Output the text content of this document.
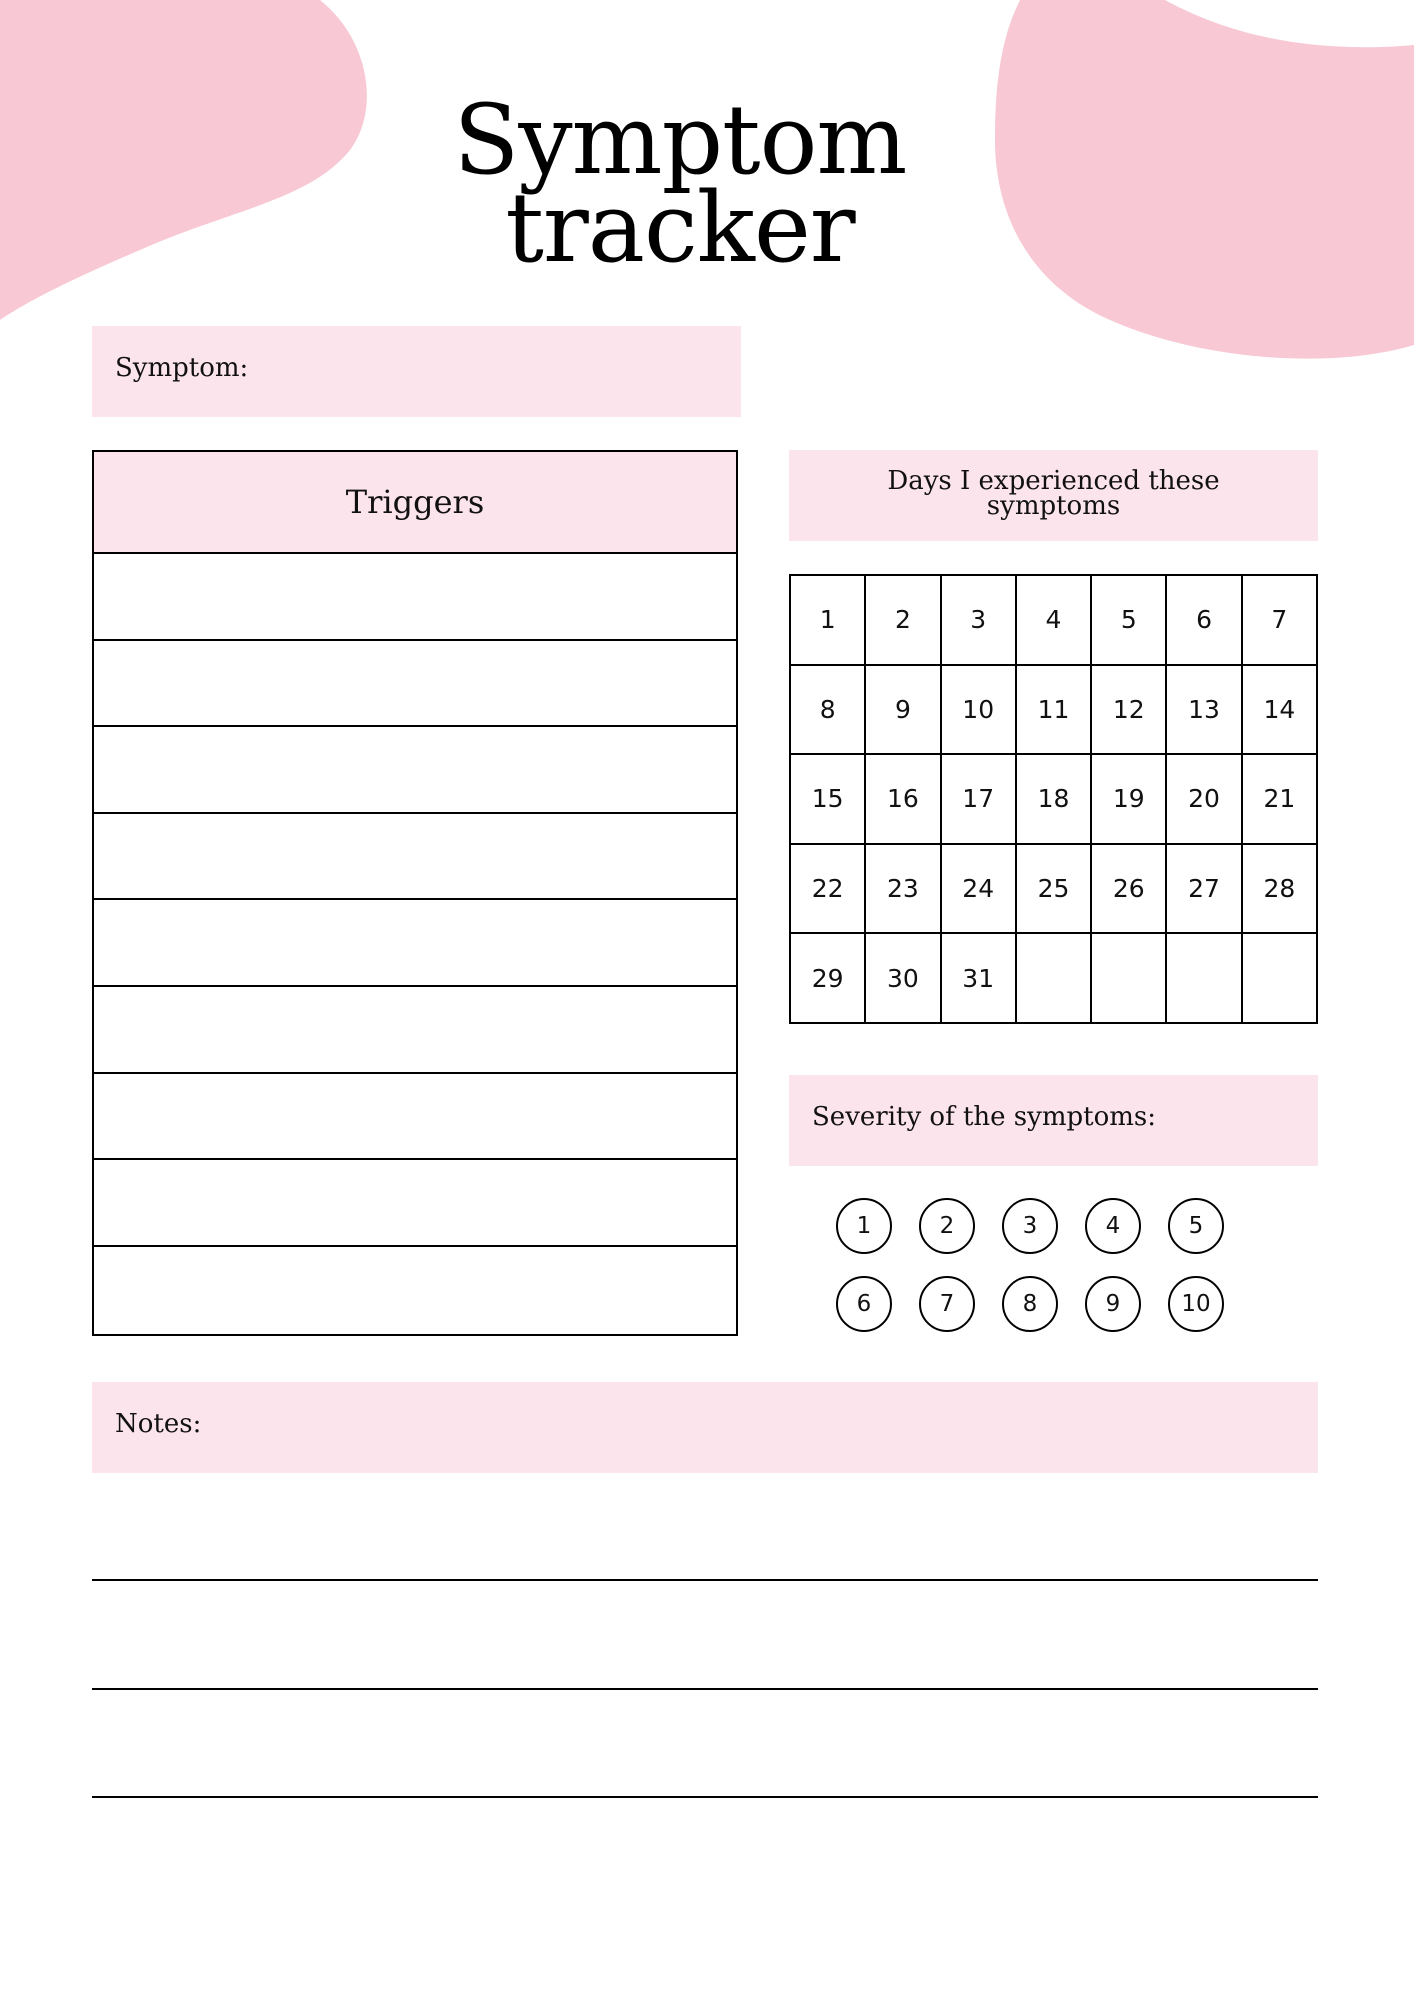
Symptom
tracker
Symptom:
Triggers
Days I experienced these
symptoms
1	2	3	4	5	6	7
8	9	10	11	12	13	14
15	16	17	18	19	20	21
22	23	24	25	26	27	28
29	30	31				
Severity of the symptoms:
1	2	3	4	5
6	7	8	9	10
Notes:
